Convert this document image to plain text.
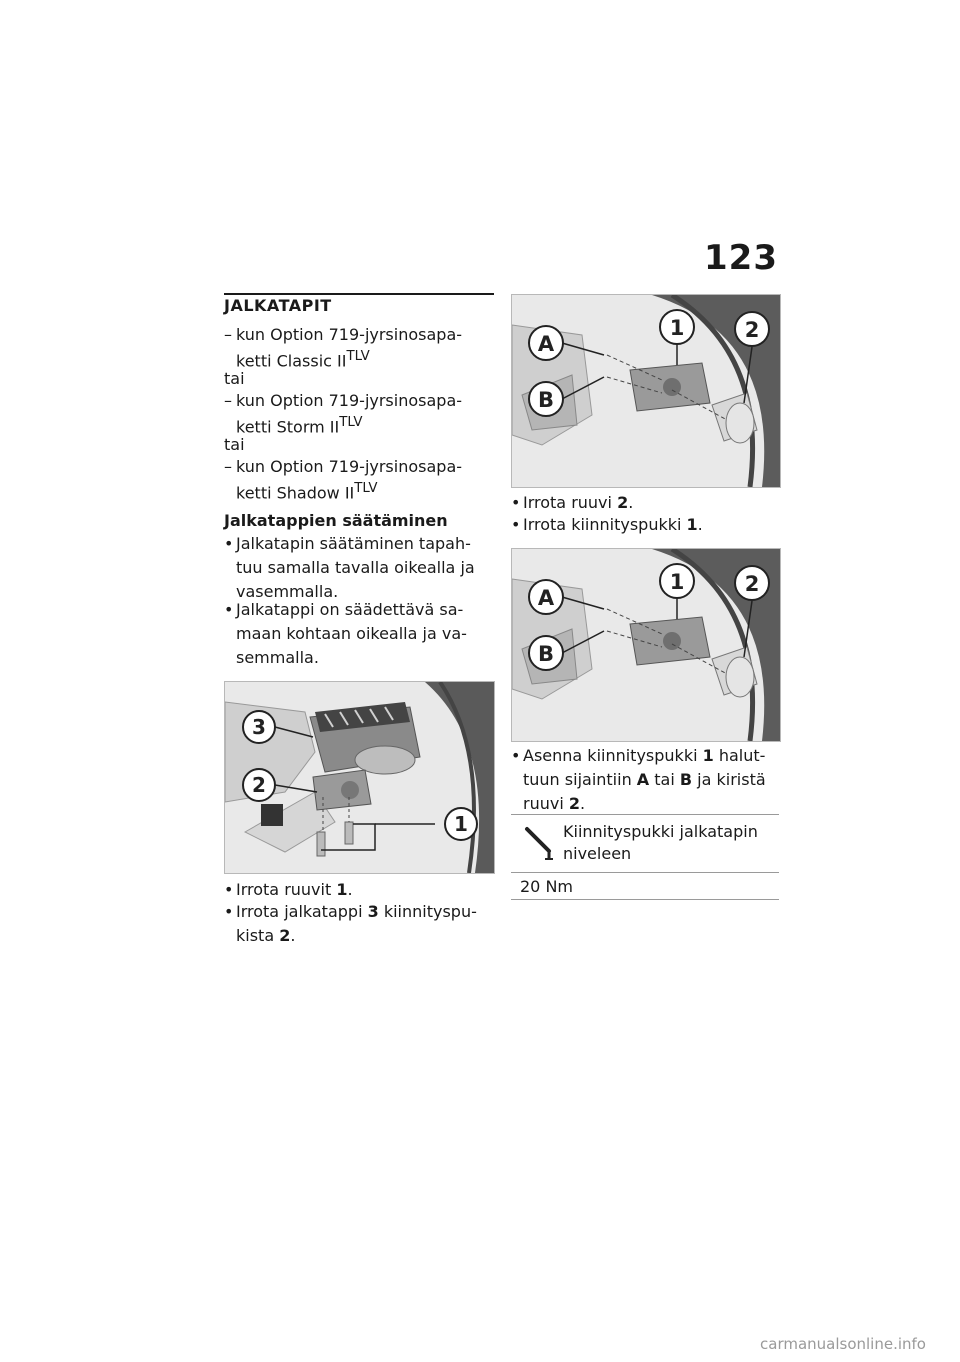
123
JALKATAPIT
– kun Option 719-jyrsinosapa-
ketti Classic $II^{TLV}$
tai
– kun Option 719-jyrsinosapa-
ketti Storm $II^{TLV}$
tai
– kun Option 719-jyrsinosapa-
ketti Shadow $II^{TLV}$
Jalkatappien säätäminen
• Jalkatapin säätäminen tapah-
tuu samalla tavalla oikealla ja
vasemmalla.
• Jalkatappi on säädettävä sa-
maan kohtaan oikealla ja va-
semmalla.
3
2
1
• Irrota ruuvit 1.
• Irrota jalkatappi 3 kiinnityspu-
kista 2.
A
B
1	2
• Irrota ruuvi 2.
• Irrota kiinnityspukki 1.
A
B
1	2
• Asenna kiinnityspukki 1 halut-
tuun sijaintiin A tai B ja kiristä
ruuvi 2.
Kiinnityspukki jalkatapin
niveleen
20 Nm
carmanualsonline.info
